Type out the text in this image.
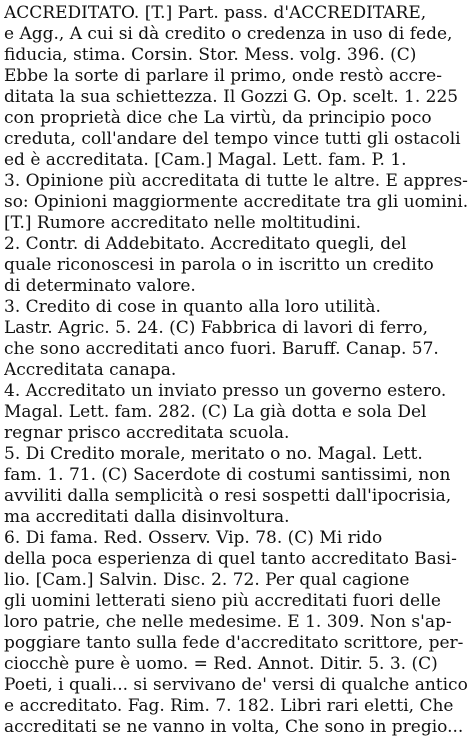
ACCREDITATO. [T.] Part. pass. d'ACCREDITARE,
e Agg., A cui si dà credito o credenza in uso di fede,
fiducia, stima. Corsin. Stor. Mess. volg. 396. (C)
Ebbe la sorte di parlare il primo, onde restò accre-
ditata la sua schiettezza. Il Gozzi G. Op. scelt. 1. 225
con proprietà dice che La virtù, da principio poco
creduta, coll'andare del tempo vince tutti gli ostacoli
ed è accreditata. [Cam.] Magal. Lett. fam. P. 1.
3. Opinione più accreditata di tutte le altre. E appres-
so: Opinioni maggiormente accreditate tra gli uomini.
[T.] Rumore accreditato nelle moltitudini.
2. Contr. di Addebitato. Accreditato quegli, del
quale riconoscesi in parola o in iscritto un credito
di determinato valore.
3. Credito di cose in quanto alla loro utilità.
Lastr. Agric. 5. 24. (C) Fabbrica di lavori di ferro,
che sono accreditati anco fuori. Baruff. Canap. 57.
Accreditata canapa.
4. Accreditato un inviato presso un governo estero.
Magal. Lett. fam. 282. (C) La già dotta e sola Del
regnar prisco accreditata scuola.
5. Di Credito morale, meritato o no. Magal. Lett.
fam. 1. 71. (C) Sacerdote di costumi santissimi, non
avviliti dalla semplicità o resi sospetti dall'ipocrisia,
ma accreditati dalla disinvoltura.
6. Di fama. Red. Osserv. Vip. 78. (C) Mi rido
della poca esperienza di quel tanto accreditato Basi-
lio. [Cam.] Salvin. Disc. 2. 72. Per qual cagione
gli uomini letterati sieno più accreditati fuori delle
loro patrie, che nelle medesime. E 1. 309. Non s'ap-
poggiare tanto sulla fede d'accreditato scrittore, per-
ciocchè pure è uomo. = Red. Annot. Ditir. 5. 3. (C)
Poeti, i quali... si servivano de' versi di qualche antico
e accreditato. Fag. Rim. 7. 182. Libri rari eletti, Che
accreditati se ne vanno in volta, Che sono in pregio...
